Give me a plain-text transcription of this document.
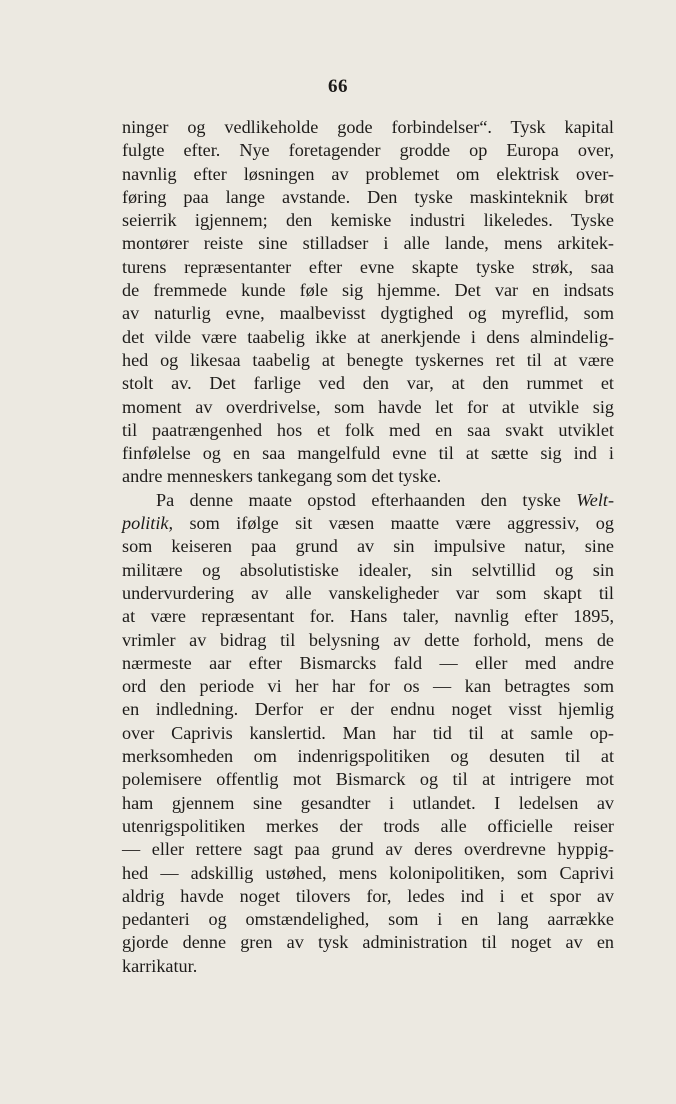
66
ninger og vedlikeholde gode forbindelser“. Tysk kapital
fulgte efter. Nye foretagender grodde op Europa over,
navnlig efter løsningen av problemet om elektrisk over-
føring paa lange avstande. Den tyske maskinteknik brøt
seierrik igjennem; den kemiske industri likeledes. Tyske
montører reiste sine stilladser i alle lande, mens arkitek-
turens repræsentanter efter evne skapte tyske strøk, saa
de fremmede kunde føle sig hjemme. Det var en indsats
av naturlig evne, maalbevisst dygtighed og myreflid, som
det vilde være taabelig ikke at anerkjende i dens almindelig-
hed og likesaa taabelig at benegte tyskernes ret til at være
stolt av. Det farlige ved den var, at den rummet et
moment av overdrivelse, som havde let for at utvikle sig
til paatrængenhed hos et folk med en saa svakt utviklet
finfølelse og en saa mangelfuld evne til at sætte sig ind i
andre menneskers tankegang som det tyske.
Pa denne maate opstod efterhaanden den tyske Welt-
politik, som ifølge sit væsen maatte være aggressiv, og
som keiseren paa grund av sin impulsive natur, sine
militære og absolutistiske idealer, sin selvtillid og sin
undervurdering av alle vanskeligheder var som skapt til
at være repræsentant for. Hans taler, navnlig efter 1895,
vrimler av bidrag til belysning av dette forhold, mens de
nærmeste aar efter Bismarcks fald — eller med andre
ord den periode vi her har for os — kan betragtes som
en indledning. Derfor er der endnu noget visst hjemlig
over Caprivis kanslertid. Man har tid til at samle op-
merksomheden om indenrigspolitiken og desuten til at
polemisere offentlig mot Bismarck og til at intrigere mot
ham gjennem sine gesandter i utlandet. I ledelsen av
utenrigspolitiken merkes der trods alle officielle reiser
— eller rettere sagt paa grund av deres overdrevne hyppig-
hed — adskillig ustøhed, mens kolonipolitiken, som Caprivi
aldrig havde noget tilovers for, ledes ind i et spor av
pedanteri og omstændelighed, som i en lang aarrække
gjorde denne gren av tysk administration til noget av en
karrikatur.
